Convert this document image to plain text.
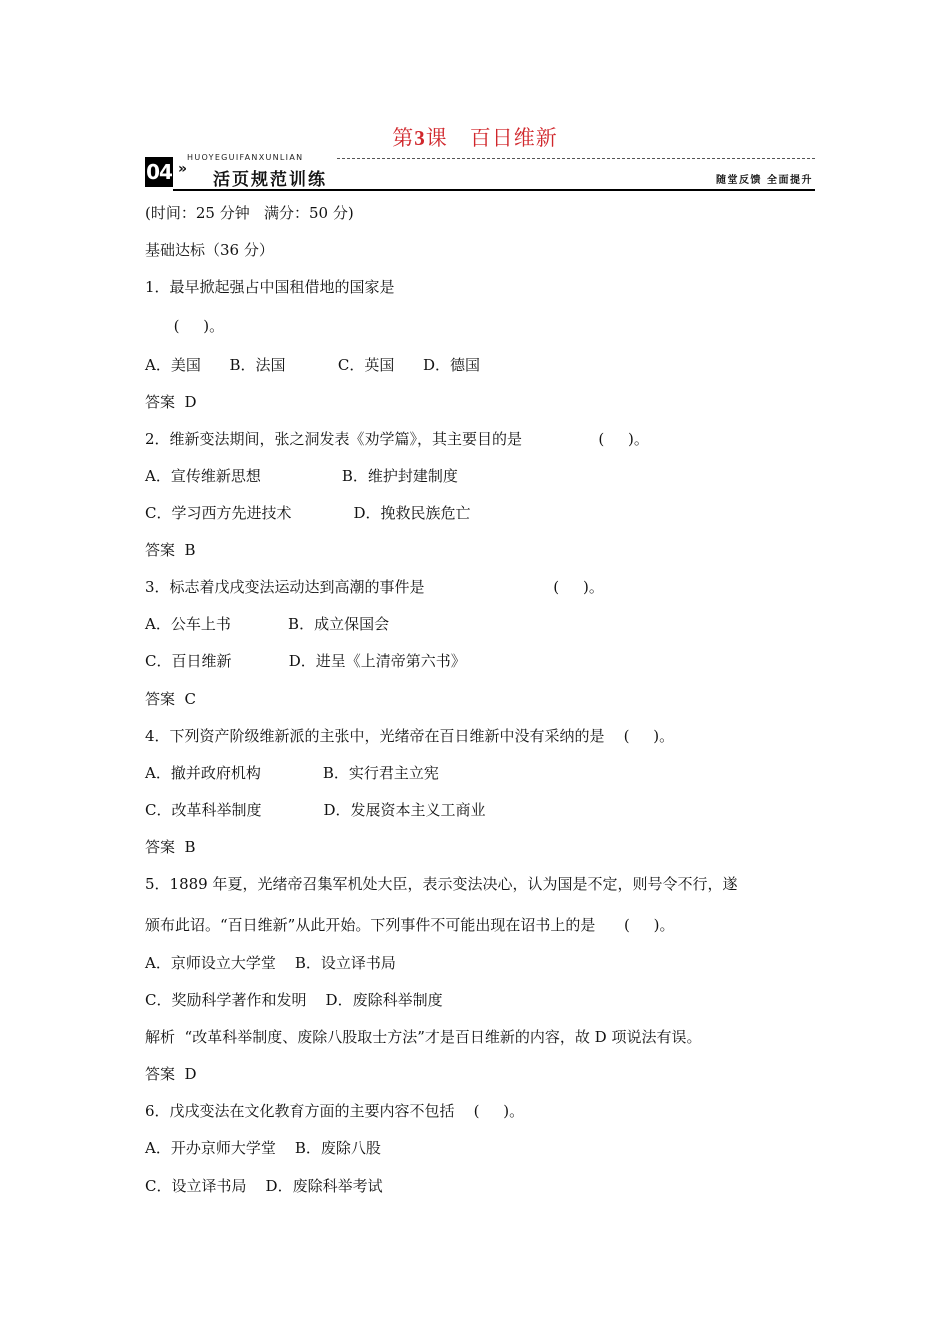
第3课 百日维新
04 »
HUOYEGUIFANXUNLIAN
活页规范训练	随堂反馈 全面提升
(时间：25 分钟   满分：50 分)
基础达标（36 分）
1．最早掀起强占中国租借地的国家是
(     )。
A．美国      B．法国           C．英国      D．德国
答案  D
2．维新变法期间，张之洞发表《劝学篇》，其主要目的是                (     )。
A．宣传维新思想                 B．维护封建制度
C．学习西方先进技术             D．挽救民族危亡
答案  B
3．标志着戊戌变法运动达到高潮的事件是                           (     )。
A．公车上书            B．成立保国会
C．百日维新            D．进呈《上清帝第六书》
答案  C
4．下列资产阶级维新派的主张中，光绪帝在百日维新中没有采纳的是    (     )。
A．撤并政府机构             B．实行君主立宪
C．改革科举制度             D．发展资本主义工商业
答案  B
5．1889 年夏，光绪帝召集军机处大臣，表示变法决心，认为国是不定，则号令不行，遂
颁布此诏。“百日维新”从此开始。下列事件不可能出现在诏书上的是      (     )。
A．京师设立大学堂    B．设立译书局
C．奖励科学著作和发明    D．废除科举制度
解析  “改革科举制度、废除八股取士方法”才是百日维新的内容，故 D 项说法有误。
答案  D
6．戊戌变法在文化教育方面的主要内容不包括    (     )。
A．开办京师大学堂    B．废除八股
C．设立译书局    D．废除科举考试
